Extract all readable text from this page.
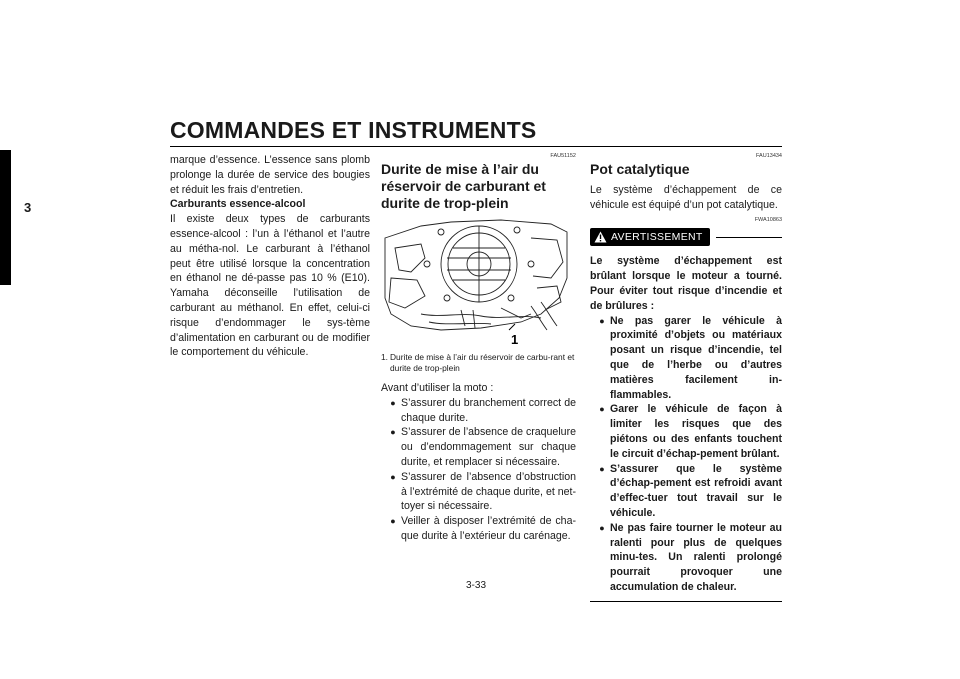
COMMANDES ET INSTRUMENTS
3

marque d’essence. L’essence sans plomb prolonge la durée de service des bougies et réduit les frais d’entretien.

Carburants essence-alcool

Il existe deux types de carburants essence-alcool : l’un à l’éthanol et l’autre au métha-nol. Le carburant à l’éthanol peut être utilisé lorsque la concentration en éthanol ne dé-passe pas 10 % (E10). Yamaha déconseille l’utilisation de carburant au méthanol. En effet, celui-ci risque d’endommager le sys-tème d’alimentation en carburant ou de modifier le comportement du véhicule.

FAU51152
Durite de mise à l’air du réservoir de carburant et durite de trop-plein
1
1. Durite de mise à l’air du réservoir de carbu-rant et durite de trop-plein
Avant d’utiliser la moto :
● S’assurer du branchement correct de chaque durite.
● S’assurer de l’absence de craquelure ou d’endommagement sur chaque durite, et remplacer si nécessaire.
● S’assurer de l’absence d’obstruction à l’extrémité de chaque durite, et net-toyer si nécessaire.
● Veiller à disposer l’extrémité de cha-que durite à l’extérieur du carénage.
FAU13434
Pot catalytique

Le système d’échappement de ce véhicule est équipé d’un pot catalytique.

FWA10863
AVERTISSEMENT
Le système d’échappement est brûlant lorsque le moteur a tourné. Pour éviter tout risque d’incendie et de brûlures :
● Ne pas garer le véhicule à proximité d’objets ou matériaux posant un risque d’incendie, tel que de l’herbe ou d’autres matières facilement in-flammables.
● Garer le véhicule de façon à limiter les risques que des piétons ou des enfants touchent le circuit d’échap-pement brûlant.
● S’assurer que le système d’échap-pement est refroidi avant d’effec-tuer tout travail sur le véhicule.
● Ne pas faire tourner le moteur au ralenti pour plus de quelques minu-tes. Un ralenti prolongé pourrait provoquer une accumulation de chaleur.
3-33
